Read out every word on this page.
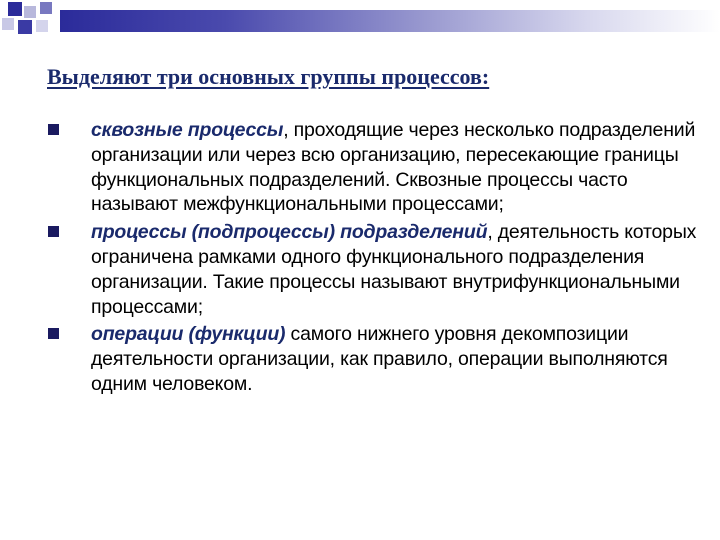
Выделяют три основных группы процессов:
сквозные процессы, проходящие через несколько подразделений организации или через всю организацию, пересекающие границы функциональных подразделений. Сквозные процессы часто называют межфункциональными процессами;
процессы (подпроцессы) подразделений, деятельность которых ограничена рамками одного функционального подразделения организации. Такие процессы называют внутрифункциональными процессами;
операции (функции) самого нижнего уровня декомпозиции деятельности организации, как правило, операции выполняются одним человеком.
